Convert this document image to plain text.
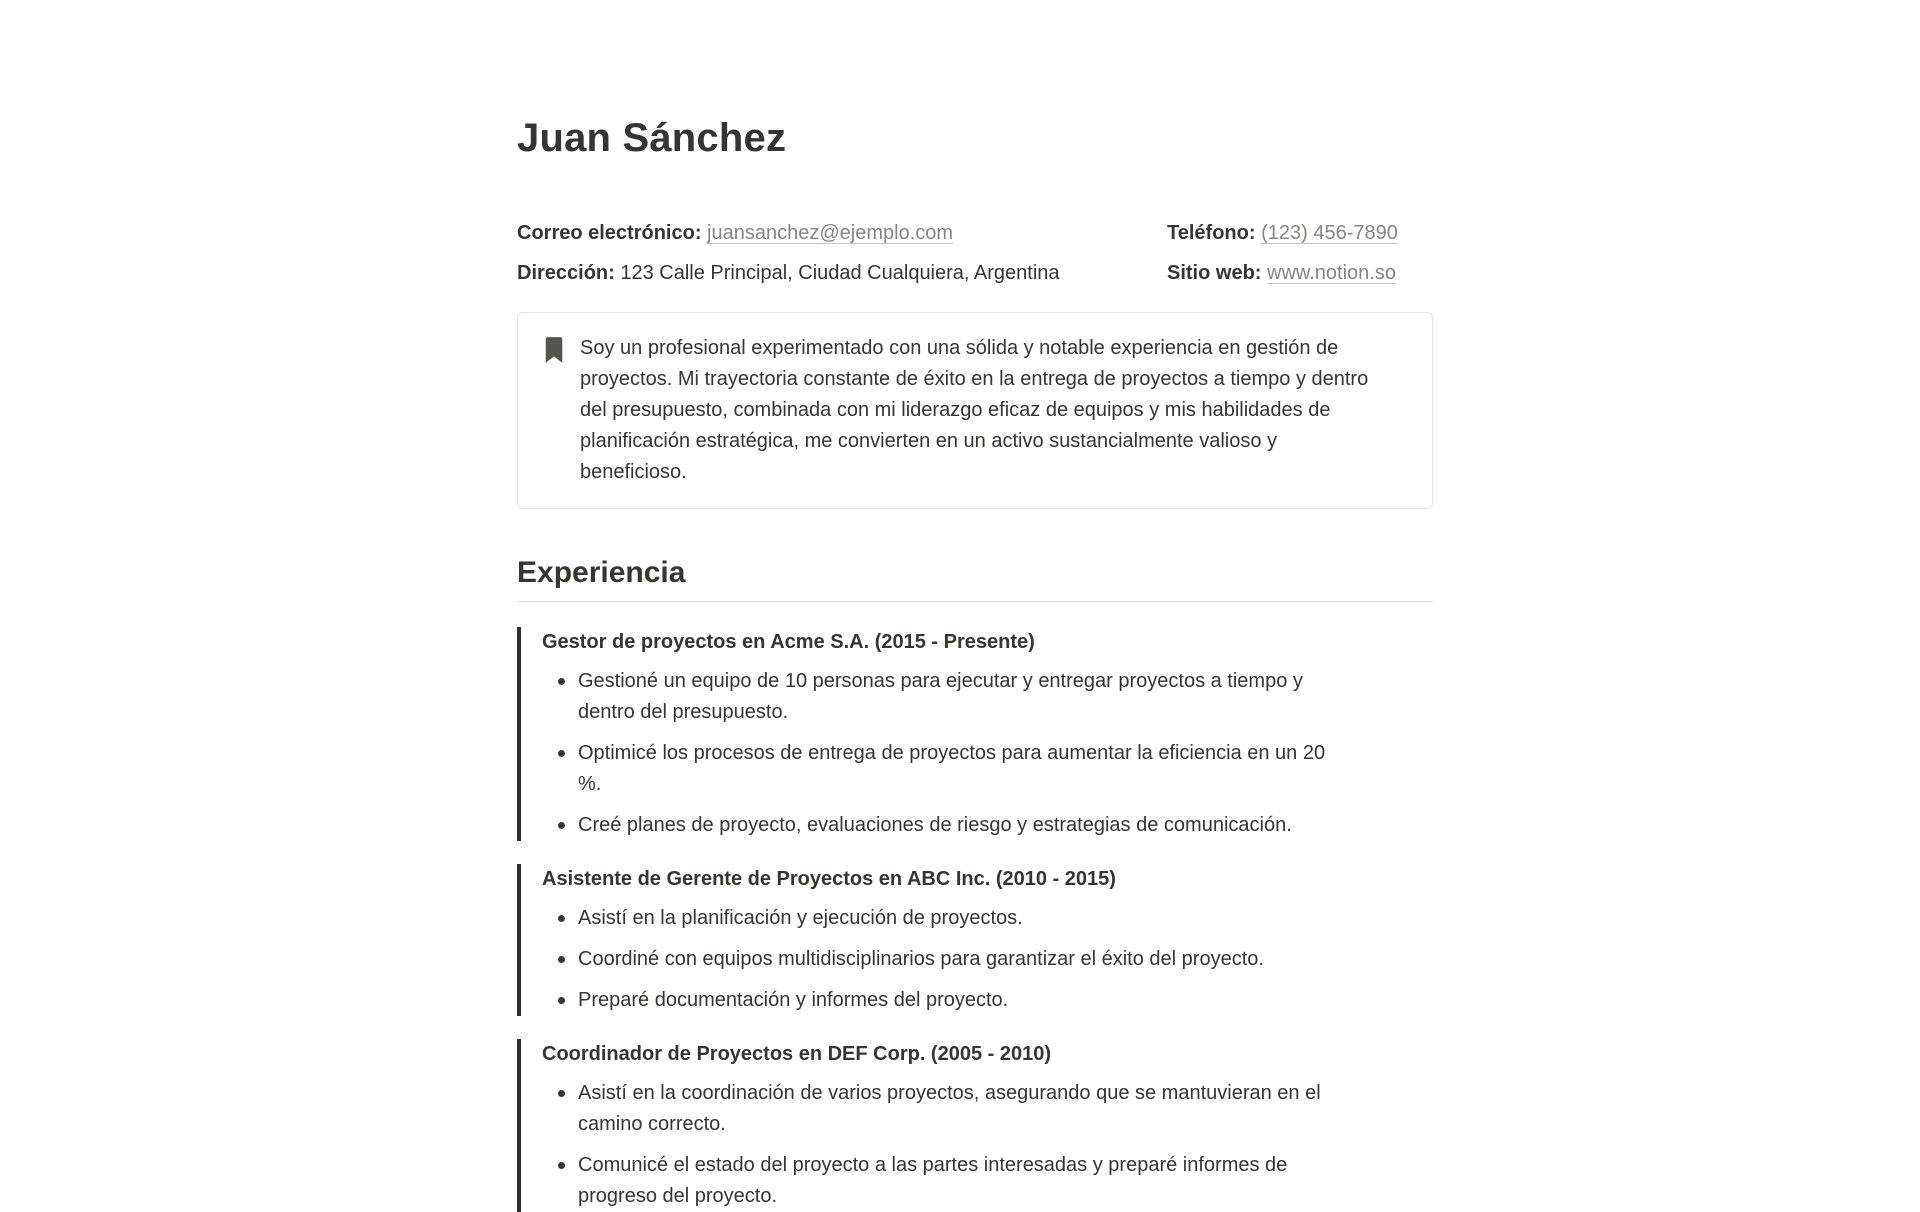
Juan Sánchez
Correo electrónico: juansanchez@ejemplo.com
Dirección: 123 Calle Principal, Ciudad Cualquiera, Argentina
Teléfono: (123) 456-7890
Sitio web: www.notion.so
Soy un profesional experimentado con una sólida y notable experiencia en gestión de proyectos. Mi trayectoria constante de éxito en la entrega de proyectos a tiempo y dentro del presupuesto, combinada con mi liderazgo eficaz de equipos y mis habilidades de planificación estratégica, me convierten en un activo sustancialmente valioso y beneficioso.
Experiencia
Gestor de proyectos en Acme S.A. (2015 - Presente)
Gestioné un equipo de 10 personas para ejecutar y entregar proyectos a tiempo y dentro del presupuesto.
Optimicé los procesos de entrega de proyectos para aumentar la eficiencia en un 20 %.
Creé planes de proyecto, evaluaciones de riesgo y estrategias de comunicación.
Asistente de Gerente de Proyectos en ABC Inc. (2010 - 2015)
Asistí en la planificación y ejecución de proyectos.
Coordiné con equipos multidisciplinarios para garantizar el éxito del proyecto.
Preparé documentación y informes del proyecto.
Coordinador de Proyectos en DEF Corp. (2005 - 2010)
Asistí en la coordinación de varios proyectos, asegurando que se mantuvieran en el camino correcto.
Comunicé el estado del proyecto a las partes interesadas y preparé informes de progreso del proyecto.
